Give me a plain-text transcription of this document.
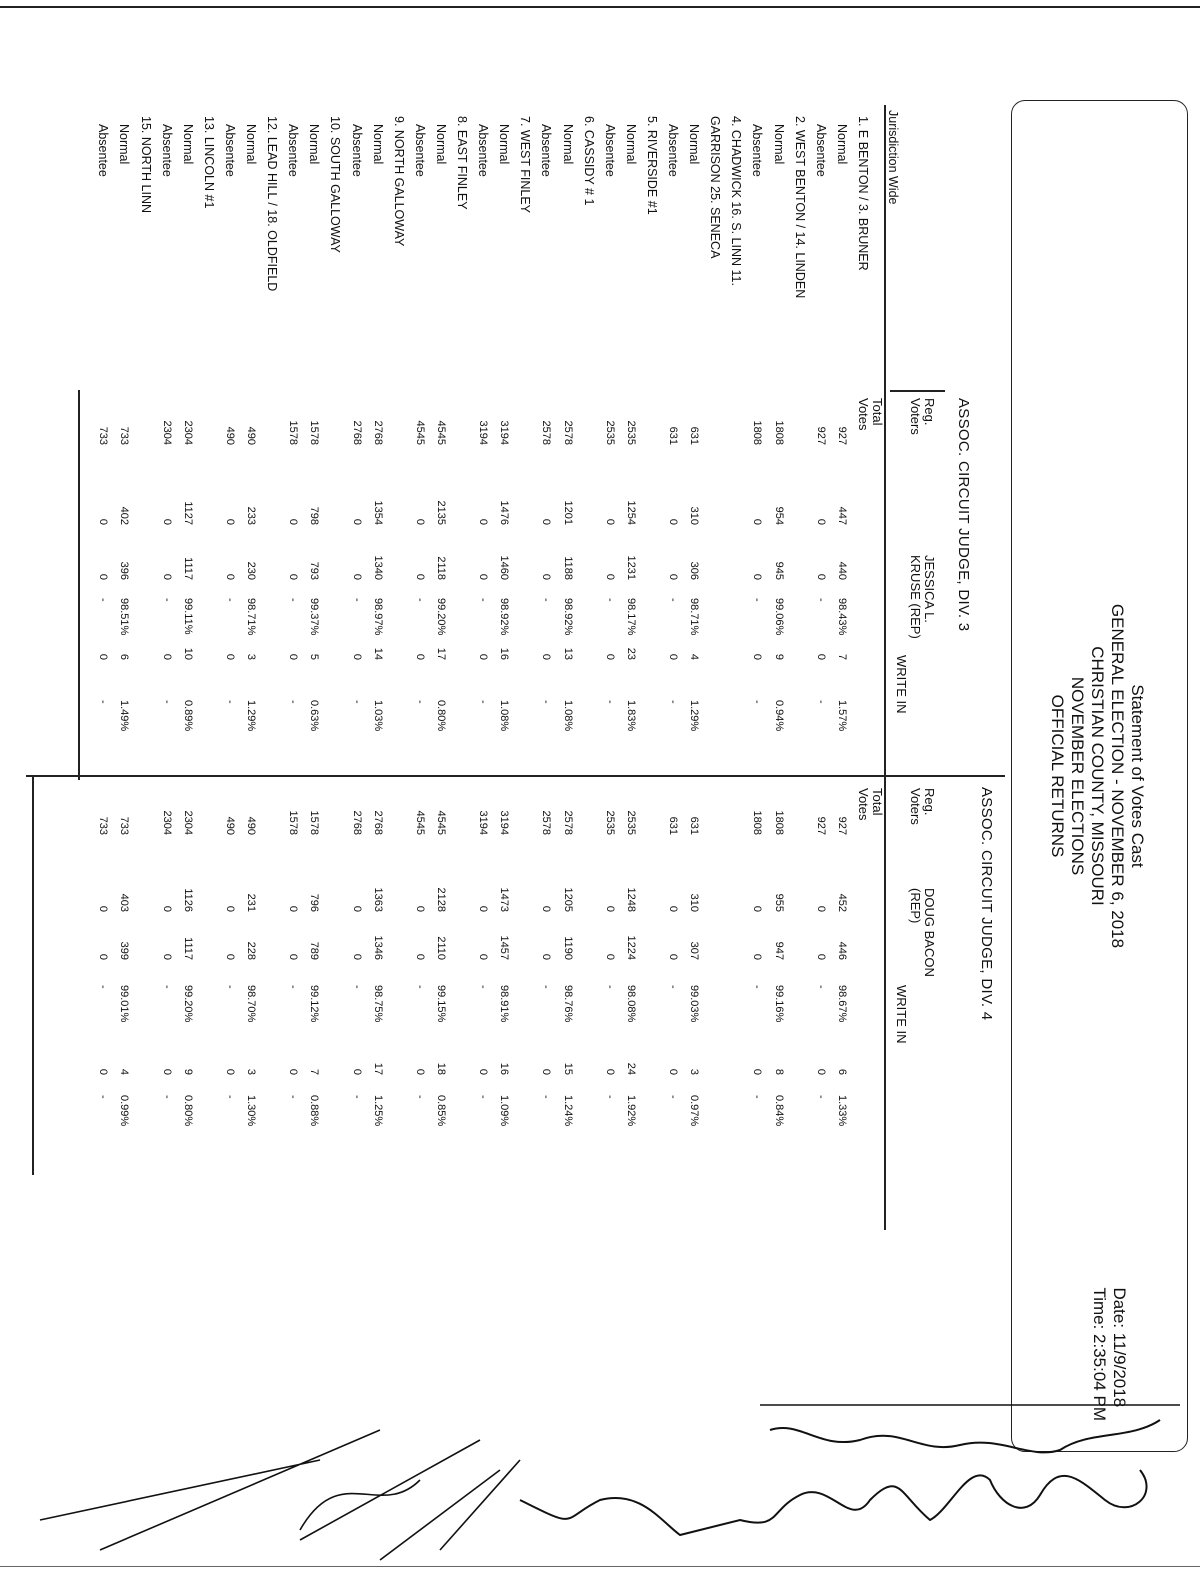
Statement of Votes Cast
GENERAL ELECTION - NOVEMBER 6, 2018
CHRISTIAN COUNTY, MISSOURI
NOVEMBER ELECTIONS
OFFICIAL RETURNS
Date: 11/9/2018
Time: 2:35:04 PM
ASSOC. CIRCUIT JUDGE, DIV. 3
ASSOC. CIRCUIT JUDGE, DIV. 4
Reg.
Voters
Total
Votes
JESSICA L.
KRUSE (REP)
WRITE IN
Reg.
Voters
Total
Votes
DOUG BACON
(REP)
WRITE IN
Jurisdiction Wide
1. E BENTON / 3. BRUNER
Normal
927
447
440
98.43%
7
1.57%
927
452
446
98.67%
6
1.33%
Absentee
927
0
0
-
0
-
927
0
0
-
0
-
2. WEST BENTON / 14. LINDEN
Normal
1808
954
945
99.06%
9
0.94%
1808
955
947
99.16%
8
0.84%
Absentee
1808
0
0
-
0
-
1808
0
0
-
0
-
4. CHADWICK 16. S. LINN 11.
GARRISON 25. SENECA
Normal
631
310
306
98.71%
4
1.29%
631
310
307
99.03%
3
0.97%
Absentee
631
0
0
-
0
-
631
0
0
-
0
-
5. RIVERSIDE #1
Normal
2535
1254
1231
98.17%
23
1.83%
2535
1248
1224
98.08%
24
1.92%
Absentee
2535
0
0
-
0
-
2535
0
0
-
0
-
6. CASSIDY # 1
Normal
2578
1201
1188
98.92%
13
1.08%
2578
1205
1190
98.76%
15
1.24%
Absentee
2578
0
0
-
0
-
2578
0
0
-
0
-
7. WEST FINLEY
Normal
3194
1476
1460
98.92%
16
1.08%
3194
1473
1457
98.91%
16
1.09%
Absentee
3194
0
0
-
0
-
3194
0
0
-
0
-
8. EAST FINLEY
Normal
4545
2135
2118
99.20%
17
0.80%
4545
2128
2110
99.15%
18
0.85%
Absentee
4545
0
0
-
0
-
4545
0
0
-
0
-
9. NORTH GALLOWAY
Normal
2768
1354
1340
98.97%
14
1.03%
2768
1363
1346
98.75%
17
1.25%
Absentee
2768
0
0
-
0
-
2768
0
0
-
0
-
10. SOUTH GALLOWAY
Normal
1578
798
793
99.37%
5
0.63%
1578
796
789
99.12%
7
0.88%
Absentee
1578
0
0
-
0
-
1578
0
0
-
0
-
12. LEAD HILL / 18. OLDFIELD
Normal
490
233
230
98.71%
3
1.29%
490
231
228
98.70%
3
1.30%
Absentee
490
0
0
-
0
-
490
0
0
-
0
-
13. LINCOLN #1
Normal
2304
1127
1117
99.11%
10
0.89%
2304
1126
1117
99.20%
9
0.80%
Absentee
2304
0
0
-
0
-
2304
0
0
-
0
-
15. NORTH LINN
Normal
733
402
396
98.51%
6
1.49%
733
403
399
99.01%
4
0.99%
Absentee
733
0
0
-
0
-
733
0
0
-
0
-
